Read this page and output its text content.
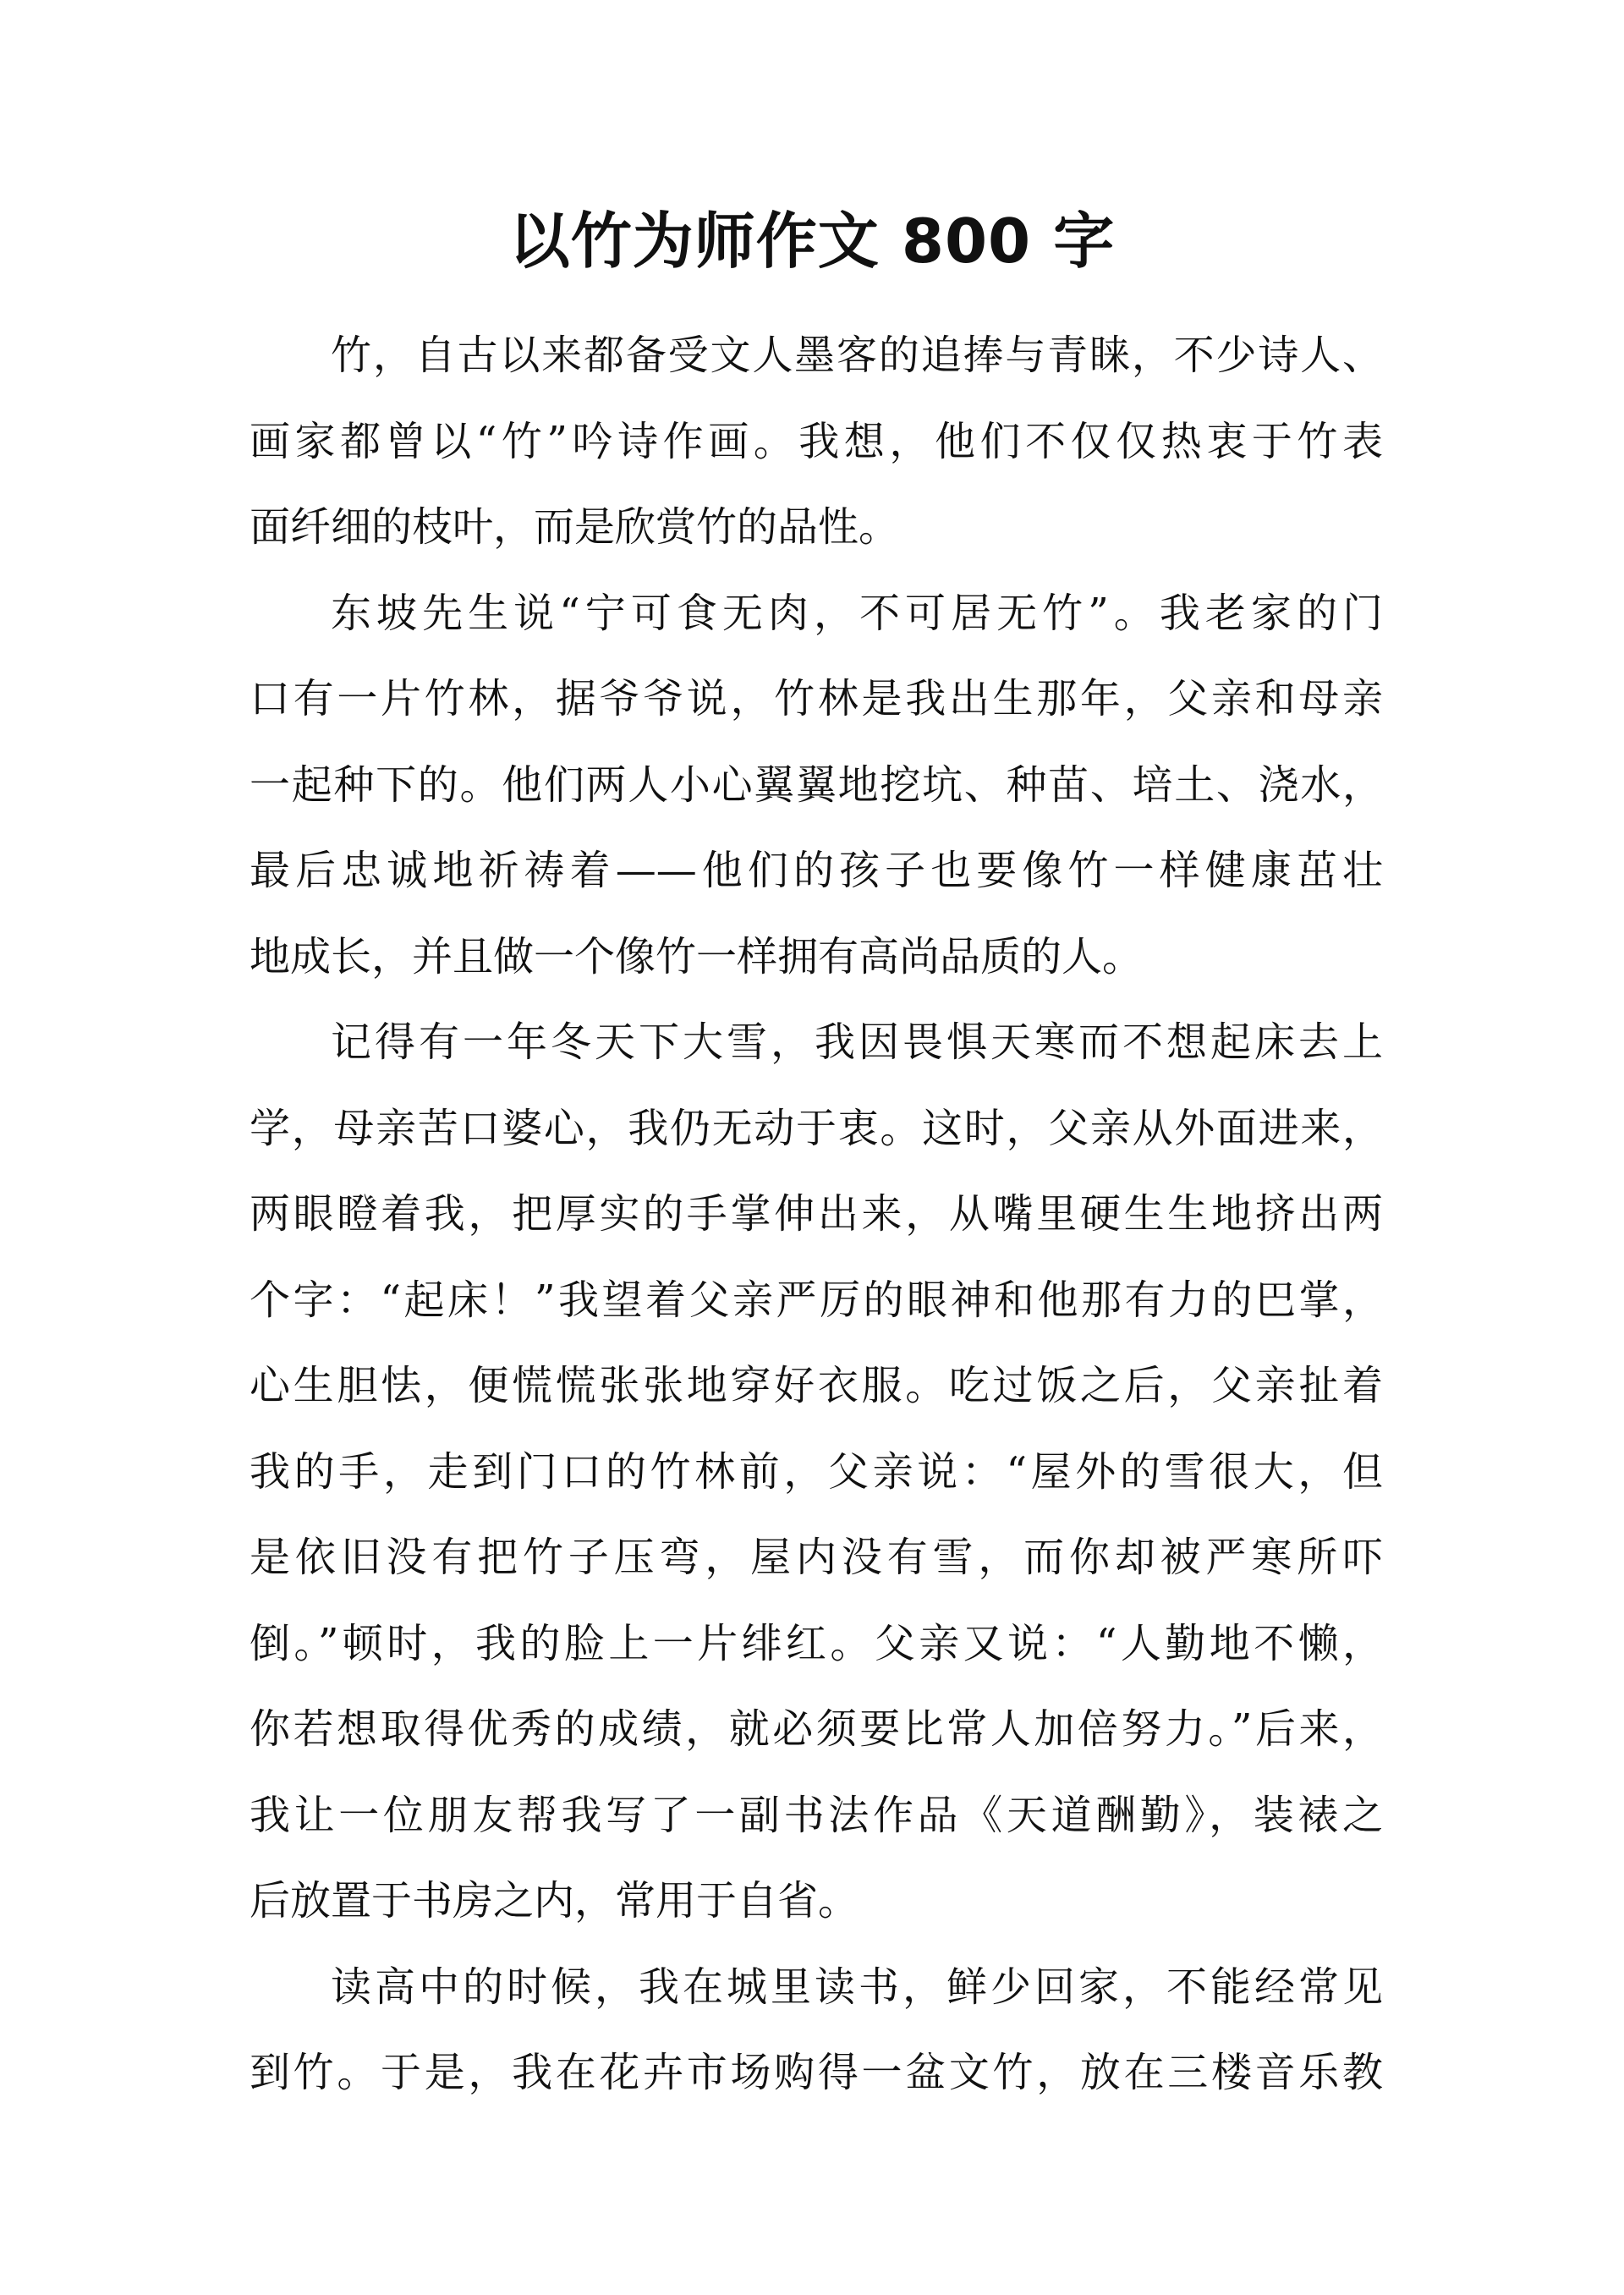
以竹为师作文 800 字

竹，自古以来都备受文人墨客的追捧与青睐，不少诗人、
画家都曾以“竹”吟诗作画。我想，他们不仅仅热衷于竹表
面纤细的枝叶，而是欣赏竹的品性。

东坡先生说“宁可食无肉，不可居无竹”。我老家的门
口有一片竹林，据爷爷说，竹林是我出生那年，父亲和母亲
一起种下的。他们两人小心翼翼地挖坑、种苗、培土、浇水，
最后忠诚地祈祷着——他们的孩子也要像竹一样健康茁壮
地成长，并且做一个像竹一样拥有高尚品质的人。

记得有一年冬天下大雪，我因畏惧天寒而不想起床去上
学，母亲苦口婆心，我仍无动于衷。这时，父亲从外面进来，
两眼瞪着我，把厚实的手掌伸出来，从嘴里硬生生地挤出两
个字：“起床！”我望着父亲严厉的眼神和他那有力的巴掌，
心生胆怯，便慌慌张张地穿好衣服。吃过饭之后，父亲扯着
我的手，走到门口的竹林前，父亲说：“屋外的雪很大，但
是依旧没有把竹子压弯，屋内没有雪，而你却被严寒所吓
倒。”顿时，我的脸上一片绯红。父亲又说：“人勤地不懒，
你若想取得优秀的成绩，就必须要比常人加倍努力。”后来，
我让一位朋友帮我写了一副书法作品《天道酬勤》，装裱之
后放置于书房之内，常用于自省。

读高中的时候，我在城里读书，鲜少回家，不能经常见
到竹。于是，我在花卉市场购得一盆文竹，放在三楼音乐教
